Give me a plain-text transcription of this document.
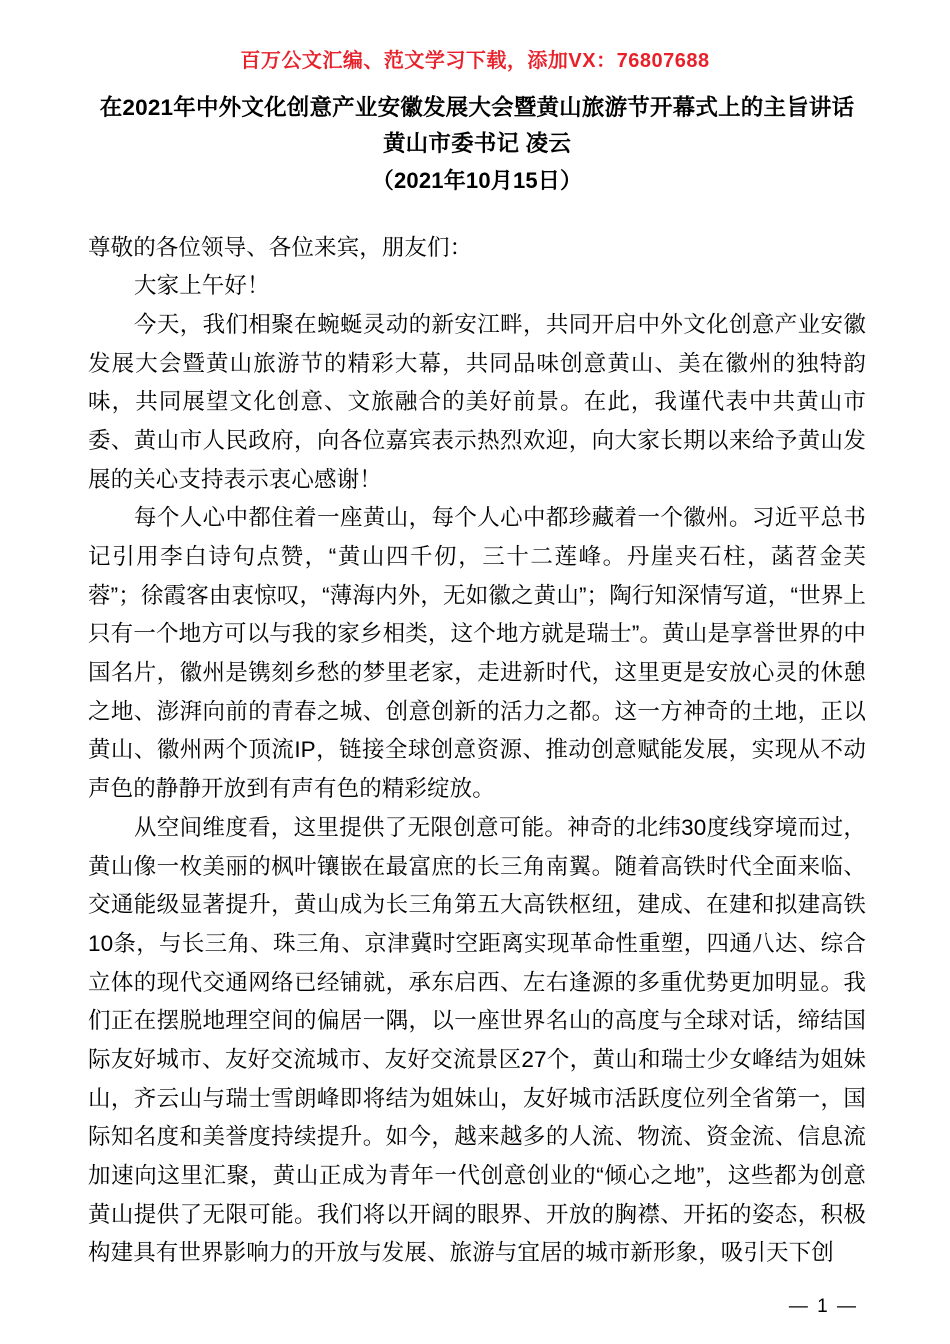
百万公文汇编、范文学习下载，添加VX：76807688
在2021年中外文化创意产业安徽发展大会暨黄山旅游节开幕式上的主旨讲话
黄山市委书记 凌云
（2021年10月15日）

尊敬的各位领导、各位来宾，朋友们：

大家上午好！

今天，我们相聚在蜿蜒灵动的新安江畔，共同开启中外文化创意产业安徽发展大会暨黄山旅游节的精彩大幕，共同品味创意黄山、美在徽州的独特韵味，共同展望文化创意、文旅融合的美好前景。在此，我谨代表中共黄山市委、黄山市人民政府，向各位嘉宾表示热烈欢迎，向大家长期以来给予黄山发展的关心支持表示衷心感谢！

每个人心中都住着一座黄山，每个人心中都珍藏着一个徽州。习近平总书记引用李白诗句点赞，“黄山四千仞，三十二莲峰。丹崖夹石柱，菡苕金芙蓉”；徐霞客由衷惊叹，“薄海内外，无如徽之黄山”；陶行知深情写道，“世界上只有一个地方可以与我的家乡相类，这个地方就是瑞士”。黄山是享誉世界的中国名片，徽州是镌刻乡愁的梦里老家，走进新时代，这里更是安放心灵的休憩之地、澎湃向前的青春之城、创意创新的活力之都。这一方神奇的土地，正以黄山、徽州两个顶流IP，链接全球创意资源、推动创意赋能发展，实现从不动声色的静静开放到有声有色的精彩绽放。

从空间维度看，这里提供了无限创意可能。神奇的北纬30度线穿境而过，黄山像一枚美丽的枫叶镶嵌在最富庶的长三角南翼。随着高铁时代全面来临、交通能级显著提升，黄山成为长三角第五大高铁枢纽，建成、在建和拟建高铁10条，与长三角、珠三角、京津冀时空距离实现革命性重塑，四通八达、综合立体的现代交通网络已经铺就，承东启西、左右逢源的多重优势更加明显。我们正在摆脱地理空间的偏居一隅，以一座世界名山的高度与全球对话，缔结国际友好城市、友好交流城市、友好交流景区27个，黄山和瑞士少女峰结为姐妹山，齐云山与瑞士雪朗峰即将结为姐妹山，友好城市活跃度位列全省第一，国际知名度和美誉度持续提升。如今，越来越多的人流、物流、资金流、信息流加速向这里汇聚，黄山正成为青年一代创意创业的“倾心之地”，这些都为创意黄山提供了无限可能。我们将以开阔的眼界、开放的胸襟、开拓的姿态，积极构建具有世界影响力的开放与发展、旅游与宜居的城市新形象，吸引天下创

— 1 —
